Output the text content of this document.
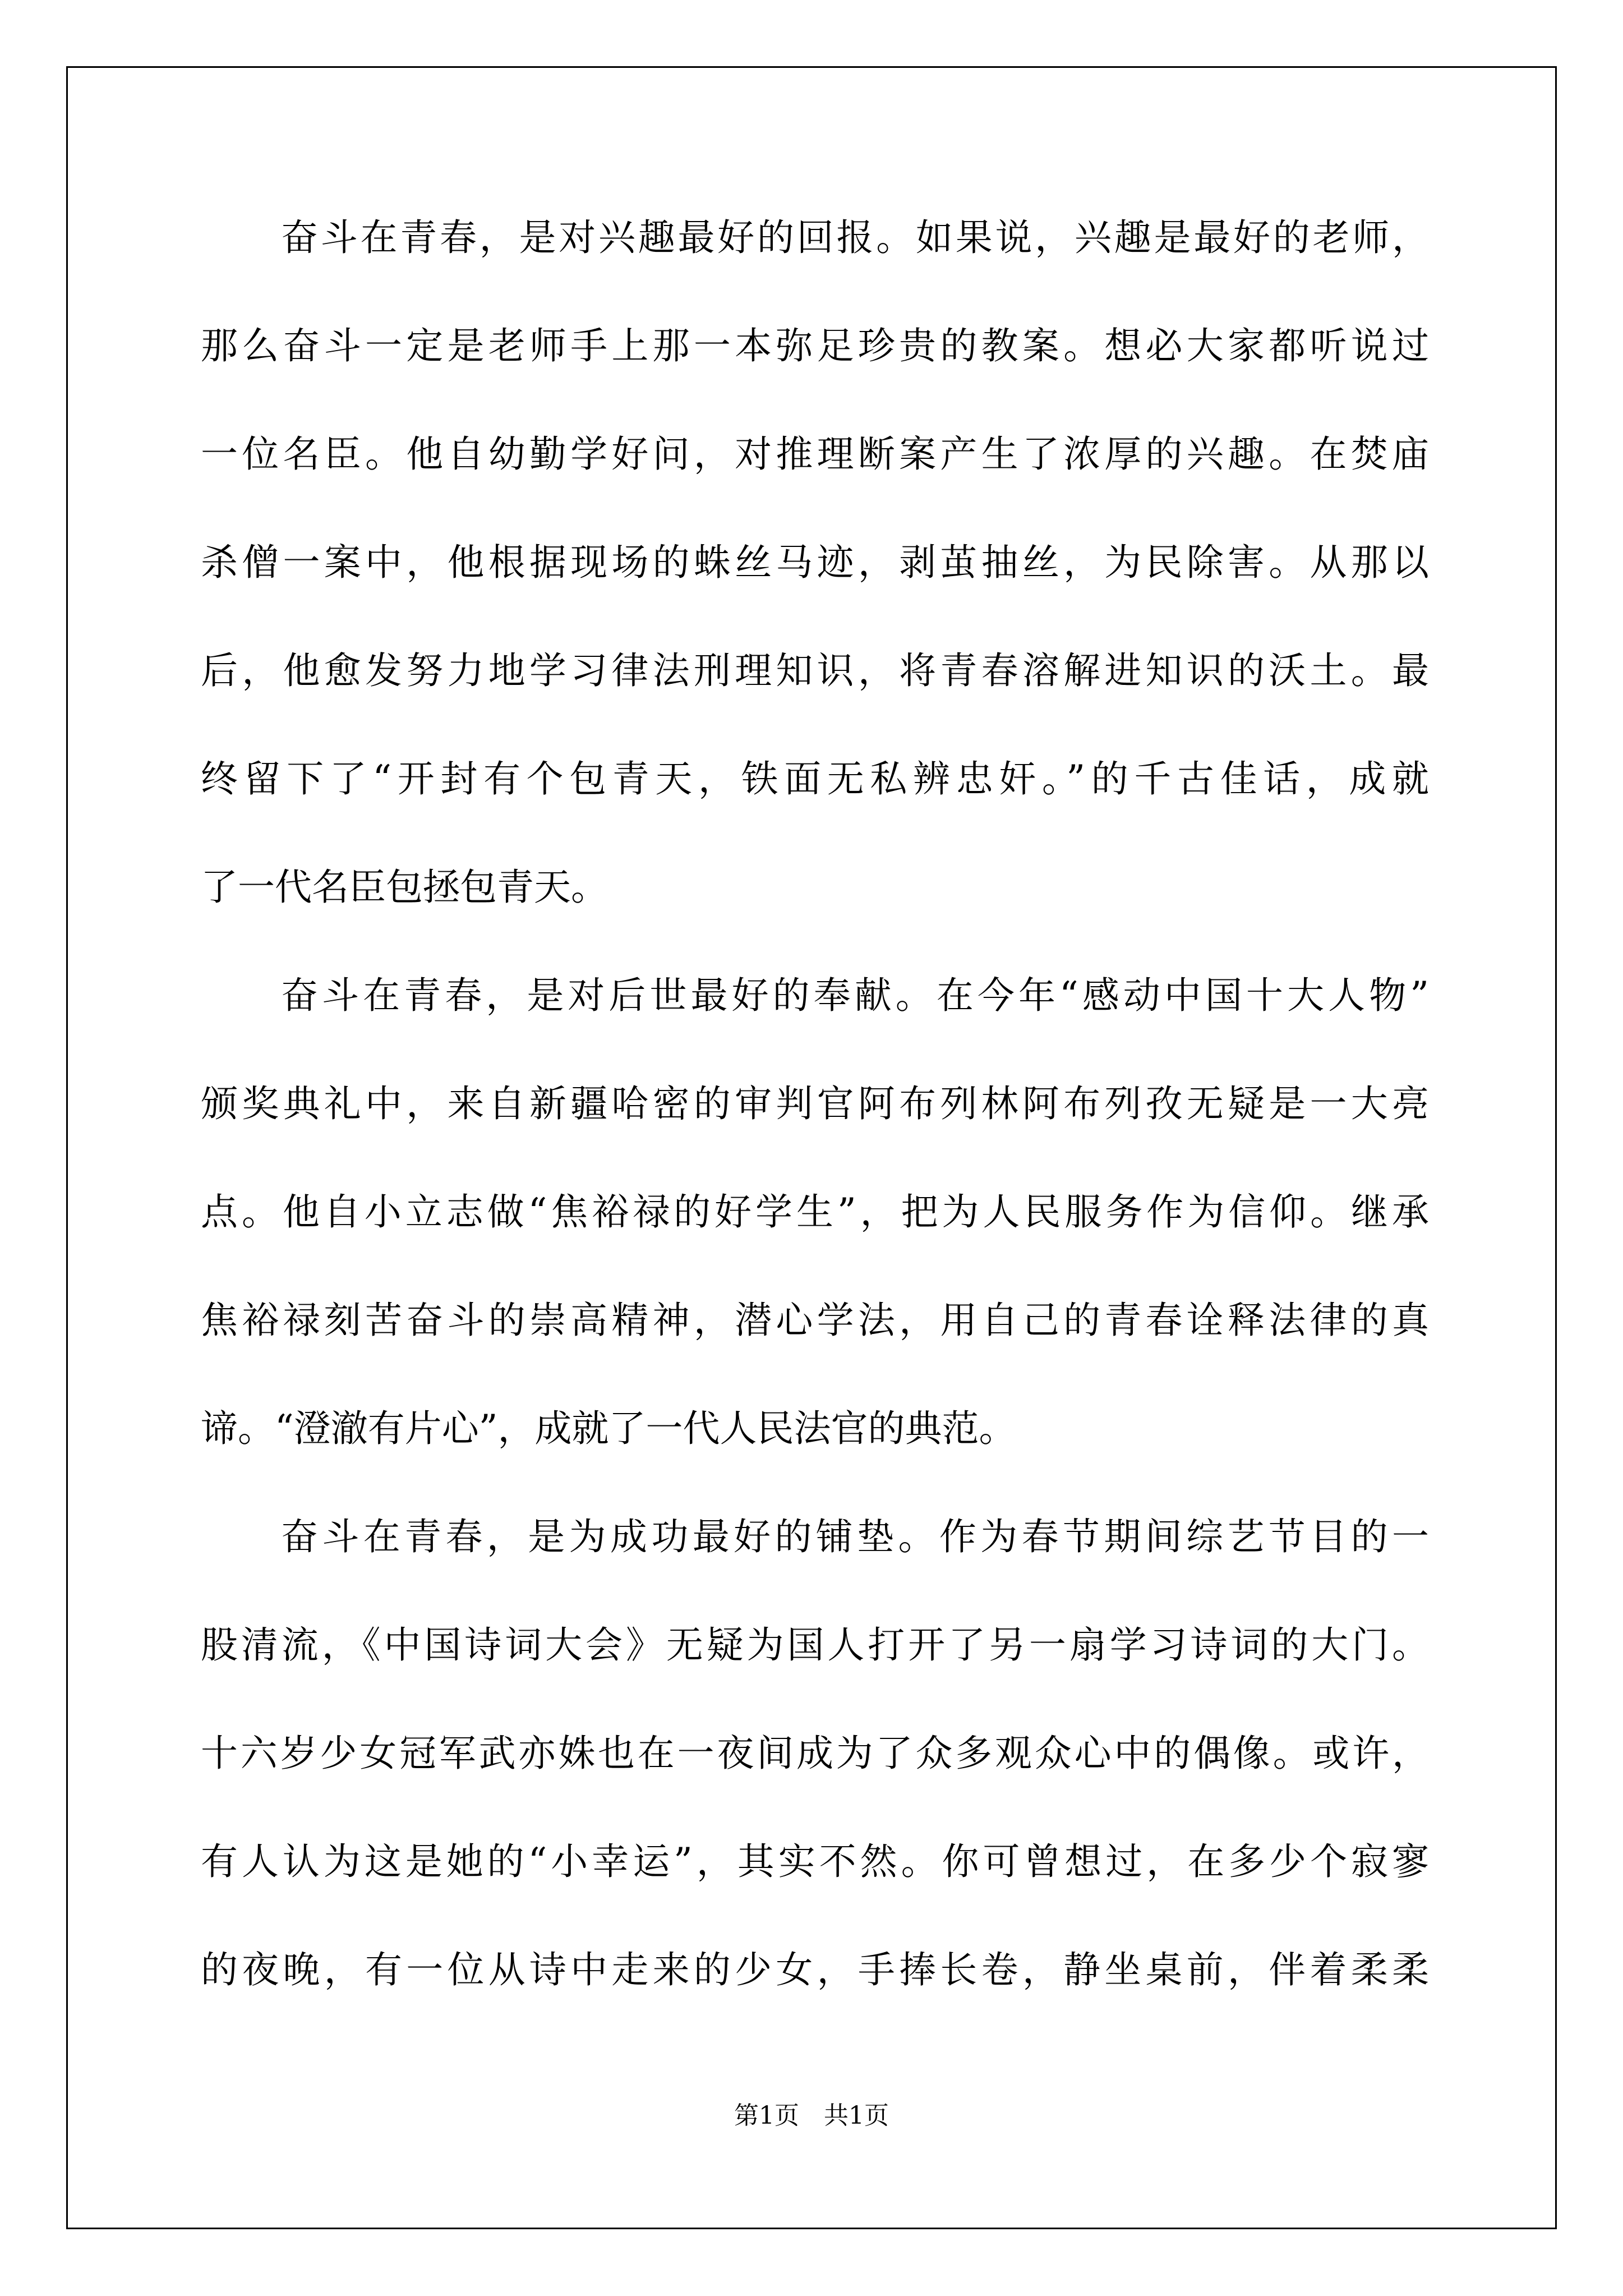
奋斗在青春，是对兴趣最好的回报。如果说，兴趣是最好的老师，
那么奋斗一定是老师手上那一本弥足珍贵的教案。想必大家都听说过
一位名臣。他自幼勤学好问，对推理断案产生了浓厚的兴趣。在焚庙
杀僧一案中，他根据现场的蛛丝马迹，剥茧抽丝，为民除害。从那以
后，他愈发努力地学习律法刑理知识，将青春溶解进知识的沃土。最
终留下了“开封有个包青天，铁面无私辨忠奸。”的千古佳话，成就
了一代名臣包拯包青天。
奋斗在青春，是对后世最好的奉献。在今年“感动中国十大人物”
颁奖典礼中，来自新疆哈密的审判官阿布列林阿布列孜无疑是一大亮
点。他自小立志做“焦裕禄的好学生”，把为人民服务作为信仰。继承
焦裕禄刻苦奋斗的崇高精神，潜心学法，用自己的青春诠释法律的真
谛。“澄澈有片心”，成就了一代人民法官的典范。
奋斗在青春，是为成功最好的铺垫。作为春节期间综艺节目的一
股清流，《中国诗词大会》无疑为国人打开了另一扇学习诗词的大门。
十六岁少女冠军武亦姝也在一夜间成为了众多观众心中的偶像。或许，
有人认为这是她的“小幸运”，其实不然。你可曾想过，在多少个寂寥
的夜晚，有一位从诗中走来的少女，手捧长卷，静坐桌前，伴着柔柔
第1页　共1页
